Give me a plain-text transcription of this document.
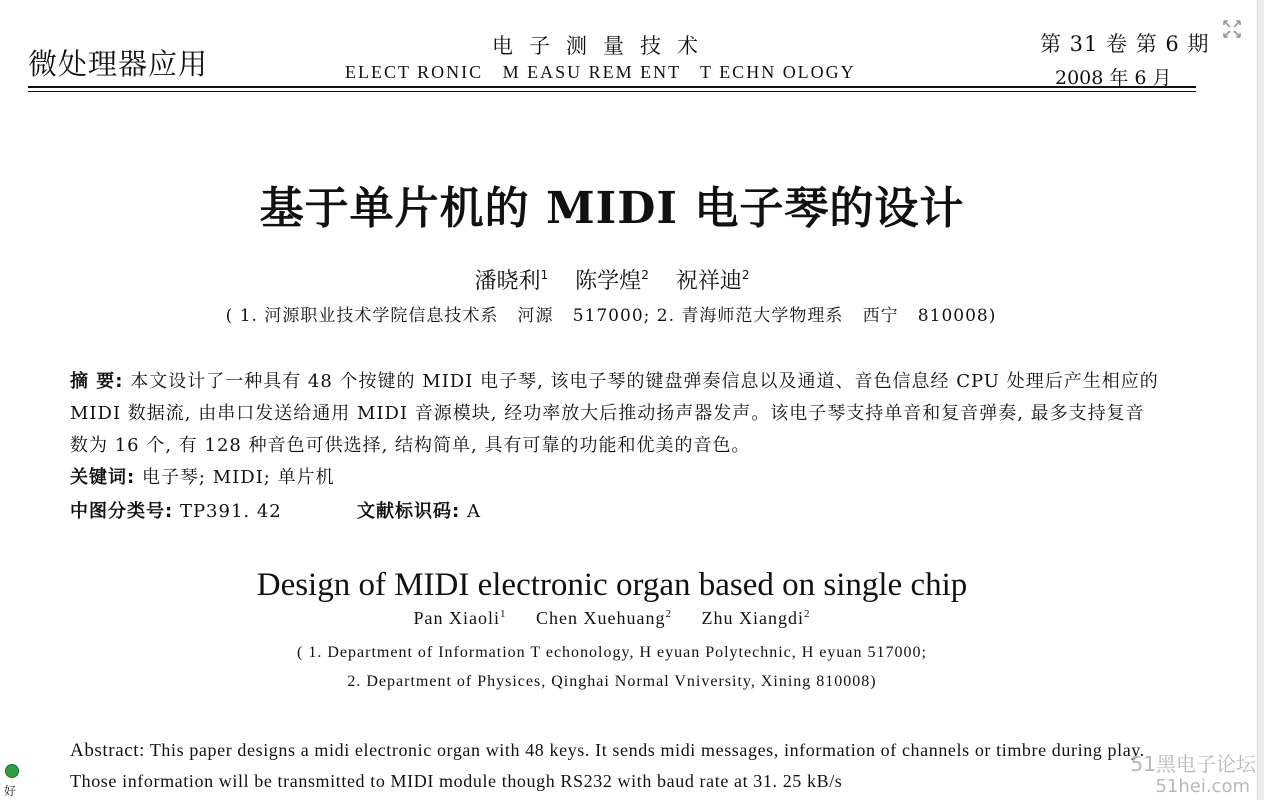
微处理器应用
电子测量技术
ELECT RONIC   M EASU REM ENT   T ECHN OLOGY
第 31 卷 第 6 期
2008 年 6 月
基于单片机的 MIDI 电子琴的设计
潘晓利$^1$ 陈学煌$^2$ 祝祥迪$^2$
( 1. 河源职业技术学院信息技术系   河源   517000; 2. 青海师范大学物理系   西宁   810008)
摘 要: 本文设计了一种具有 48 个按键的 MIDI 电子琴, 该电子琴的键盘弹奏信息以及通道、音色信息经 CPU 处理后产生相应的 MIDI 数据流, 由串口发送给通用 MIDI 音源模块, 经功率放大后推动扬声器发声。该电子琴支持单音和复音弹奏, 最多支持复音数为 16 个, 有 128 种音色可供选择, 结构简单, 具有可靠的功能和优美的音色。
关键词: 电子琴; MIDI; 单片机
中图分类号: TP391. 42	文献标识码: A
Design of MIDI electronic organ based on single chip
Pan Xiaoli$^1$ Chen Xuehuang$^2$ Zhu Xiangdi$^2$
( 1. Department of Information T echonology, H eyuan Polytechnic, H eyuan 517000;
2. Department of Physices, Qinghai Normal Vniversity, Xining 810008)
Abstract: This paper designs a midi electronic organ with 48 keys. It sends midi messages, information of channels or timbre during play. Those information will be transmitted to MIDI module though RS232 with baud rate at 31. 25 kB/s
51黑电子论坛
51hei.com
好
